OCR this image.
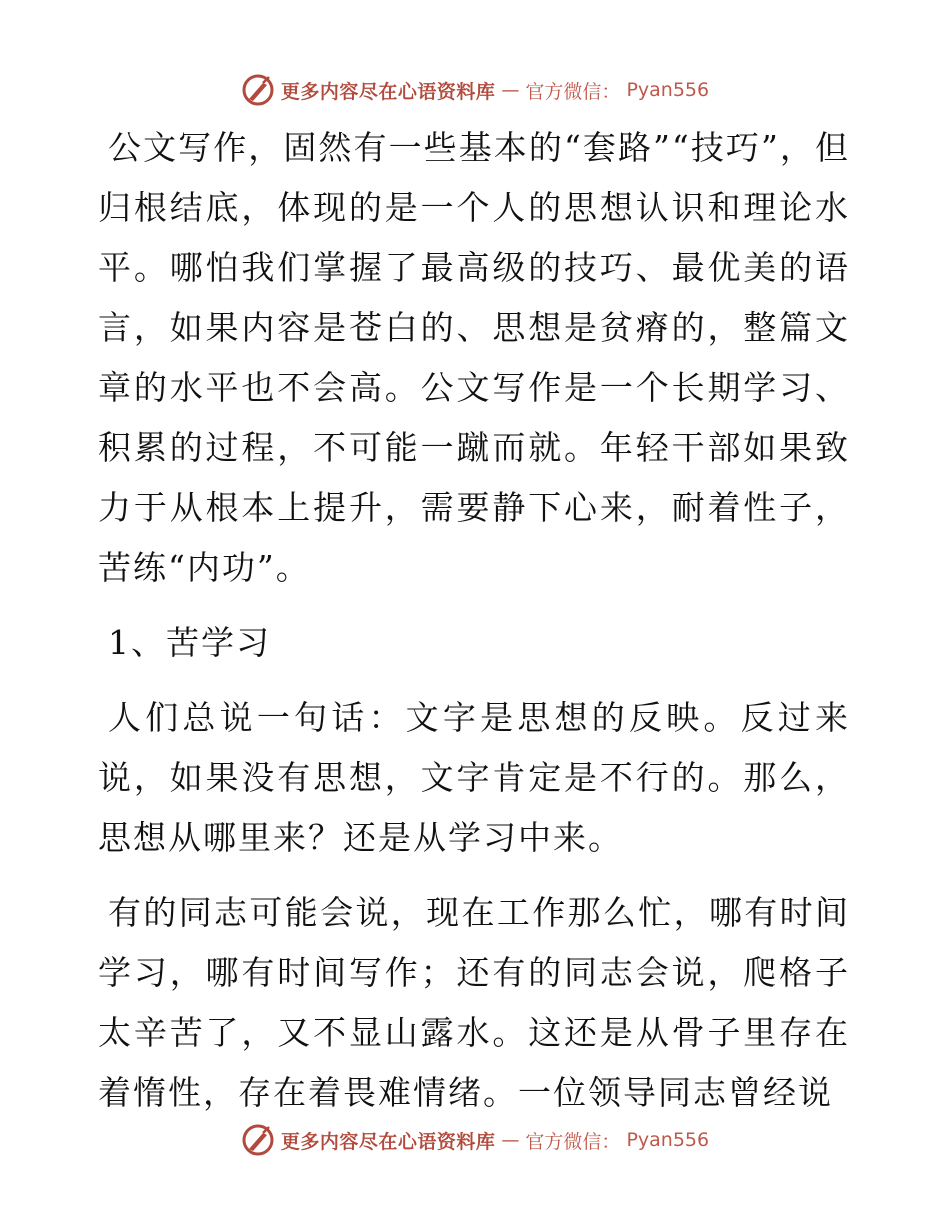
更多内容尽在心语资料库 — 官方微信： Pyan556

公文写作，固然有一些基本的“套路”“技巧”，但归根结底，体现的是一个人的思想认识和理论水平。哪怕我们掌握了最高级的技巧、最优美的语言，如果内容是苍白的、思想是贫瘠的，整篇文章的水平也不会高。公文写作是一个长期学习、积累的过程，不可能一蹴而就。年轻干部如果致力于从根本上提升，需要静下心来，耐着性子，苦练“内功”。

1、苦学习

人们总说一句话：文字是思想的反映。反过来说，如果没有思想，文字肯定是不行的。那么，思想从哪里来？还是从学习中来。

有的同志可能会说，现在工作那么忙，哪有时间学习，哪有时间写作；还有的同志会说，爬格子太辛苦了，又不显山露水。这还是从骨子里存在着惰性，存在着畏难情绪。一位领导同志曾经说

更多内容尽在心语资料库 — 官方微信： Pyan556
